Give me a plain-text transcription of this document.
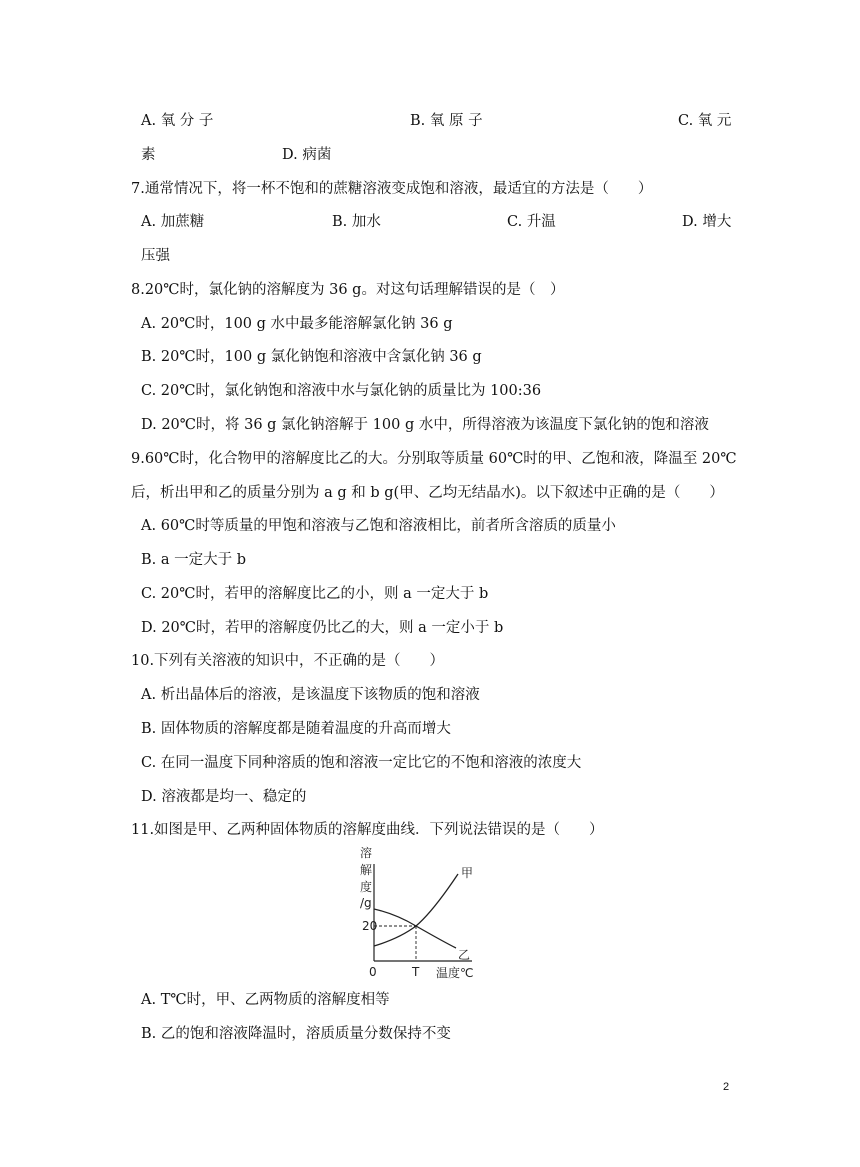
A. 氧 分 子	B. 氧 原 子	C. 氧 元
素	D. 病菌
7.通常情况下，将一杯不饱和的蔗糖溶液变成饱和溶液，最适宜的方法是（　　）
A. 加蔗糖	B. 加水	C. 升温	D. 增大
压强
8.20℃时，氯化钠的溶解度为 36 g。对这句话理解错误的是（　）
A. 20℃时，100 g 水中最多能溶解氯化钠 36 g
B. 20℃时，100 g 氯化钠饱和溶液中含氯化钠 36 g
C. 20℃时，氯化钠饱和溶液中水与氯化钠的质量比为 100:36
D. 20℃时，将 36 g 氯化钠溶解于 100 g 水中，所得溶液为该温度下氯化钠的饱和溶液
9.60℃时，化合物甲的溶解度比乙的大。分别取等质量 60℃时的甲、乙饱和液，降温至 20℃
后，析出甲和乙的质量分别为 a g 和 b g(甲、乙均无结晶水)。以下叙述中正确的是（　　）
A. 60℃时等质量的甲饱和溶液与乙饱和溶液相比，前者所含溶质的质量小
B. a 一定大于 b
C. 20℃时，若甲的溶解度比乙的小，则 a 一定大于 b
D. 20℃时，若甲的溶解度仍比乙的大，则 a 一定小于 b
10.下列有关溶液的知识中，不正确的是（　　）
A. 析出晶体后的溶液，是该温度下该物质的饱和溶液
B. 固体物质的溶解度都是随着温度的升高而增大
C. 在同一温度下同种溶质的饱和溶液一定比它的不饱和溶液的浓度大
D. 溶液都是均一、稳定的
11.如图是甲、乙两种固体物质的溶解度曲线．下列说法错误的是（　　）
溶
解
度
/g
20
0	T 温度℃
甲
乙
A. T℃时，甲、乙两物质的溶解度相等
B. 乙的饱和溶液降温时，溶质质量分数保持不变
2
